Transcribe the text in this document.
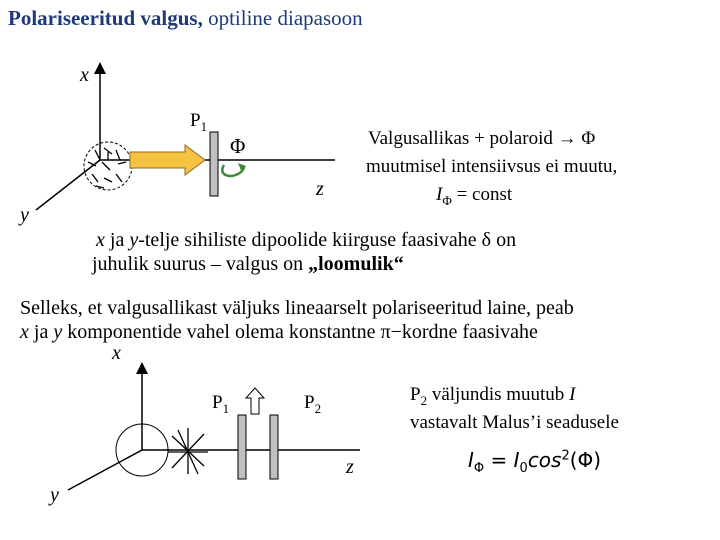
Polariseeritud valgus, optiline diapasoon
x
y
z
$P_1$
Φ	Valgusallikas + polaroid → Φ
muutmisel intensiivsus ei muutu,
$I_\Phi$ = const
x ja y-telje sihiliste dipoolide kiirguse faasivahe δ on
juhulik suurus – valgus on „loomulik“
Selleks, et valgusallikast väljuks lineaarselt polariseeritud laine, peab
x ja y komponentide vahel olema konstantne π−kordne faasivahe
x
y
z
$P_1$	$P_2$
$P_2$ väljundis muutub I
vastavalt Malus’i seadusele
$I_\Phi = I_0\cos^2(\Phi)$
